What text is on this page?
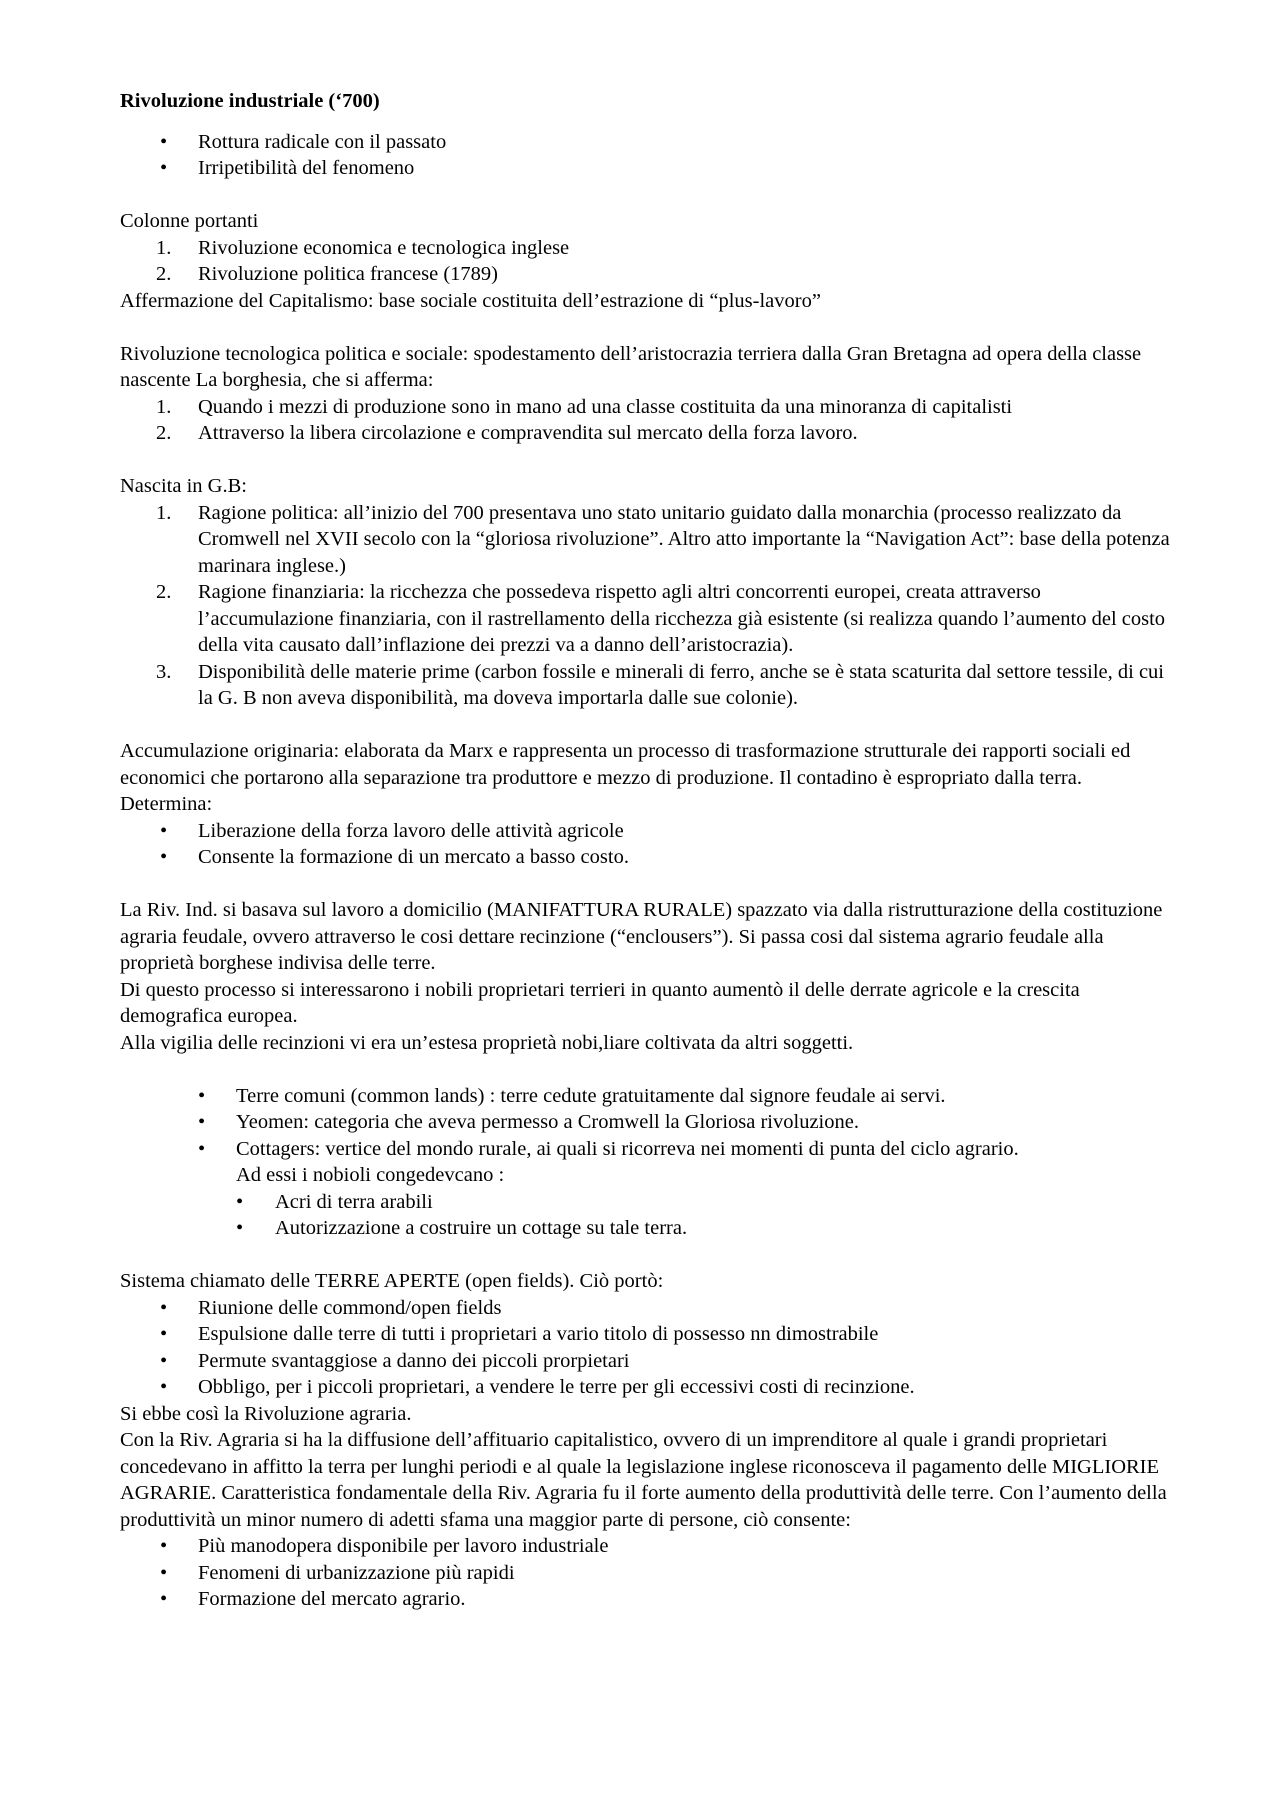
Rivoluzione industriale (‘700)

• Rottura radicale con il passato
• Irripetibilità del fenomeno

Colonne portanti

1. Rivoluzione economica e tecnologica inglese
2. Rivoluzione politica francese (1789)

Affermazione del Capitalismo: base sociale costituita dell’estrazione di “plus-lavoro”

Rivoluzione tecnologica politica e sociale: spodestamento dell’aristocrazia terriera dalla Gran Bretagna ad opera della classe nascente La borghesia, che si afferma:

1. Quando i mezzi di produzione sono in mano ad una classe costituita da una minoranza di capitalisti
2. Attraverso la libera circolazione e compravendita sul mercato della forza lavoro.

Nascita in G.B:

1. Ragione politica: all’inizio del 700 presentava uno stato unitario guidato dalla monarchia (processo realizzato da Cromwell nel XVII secolo con la “gloriosa rivoluzione”. Altro atto importante la “Navigation Act”: base della potenza marinara inglese.)
2. Ragione finanziaria: la ricchezza che possedeva rispetto agli altri concorrenti europei, creata attraverso l’accumulazione finanziaria, con il rastrellamento della ricchezza già esistente (si realizza quando l’aumento del costo della vita causato dall’inflazione dei prezzi va a danno dell’aristocrazia).
3. Disponibilità delle materie prime (carbon fossile e minerali di ferro, anche se è stata scaturita dal settore tessile, di cui la G. B non aveva disponibilità, ma doveva importarla dalle sue colonie).

Accumulazione originaria: elaborata da Marx e rappresenta un processo di trasformazione strutturale dei rapporti sociali ed economici che portarono alla separazione tra produttore e mezzo di produzione. Il contadino è espropriato dalla terra.

Determina:

• Liberazione della forza lavoro delle attività agricole
• Consente la formazione di un mercato a basso costo.

La Riv. Ind. si basava sul lavoro a domicilio (MANIFATTURA RURALE) spazzato via dalla ristrutturazione della costituzione agraria feudale, ovvero attraverso le cosi dettare recinzione (“enclousers”). Si passa cosi dal sistema agrario feudale alla proprietà borghese indivisa delle terre.

Di questo processo si interessarono i nobili proprietari terrieri in quanto aumentò il delle derrate agricole e la crescita demografica europea.

Alla vigilia delle recinzioni vi era un’estesa proprietà nobi,liare coltivata da altri soggetti.

• Terre comuni (common lands) : terre cedute gratuitamente dal signore feudale ai servi.
• Yeomen: categoria che aveva permesso a Cromwell la Gloriosa rivoluzione.
• Cottagers: vertice del mondo rurale, ai quali si ricorreva nei momenti di punta del ciclo agrario.

Ad essi i nobioli congedevcano :

• Acri di terra arabili
• Autorizzazione a costruire un cottage su tale terra.

Sistema chiamato delle TERRE APERTE (open fields). Ciò portò:

• Riunione delle commond/open fields
• Espulsione dalle terre di tutti i proprietari a vario titolo di possesso nn dimostrabile
• Permute svantaggiose a danno dei piccoli prorpietari
• Obbligo, per i piccoli proprietari, a vendere le terre per gli eccessivi costi di recinzione.

Si ebbe così la Rivoluzione agraria.

Con la Riv. Agraria si ha la diffusione dell’affituario capitalistico, ovvero di un imprenditore al quale i grandi proprietari concedevano in affitto la terra per lunghi periodi e al quale la legislazione inglese riconosceva il pagamento delle MIGLIORIE AGRARIE. Caratteristica fondamentale della Riv. Agraria fu il forte aumento della produttività delle terre. Con l’aumento della produttività un minor numero di adetti sfama una maggior parte di persone, ciò consente:

• Più manodopera disponibile per lavoro industriale
• Fenomeni di urbanizzazione più rapidi
• Formazione del mercato agrario.
